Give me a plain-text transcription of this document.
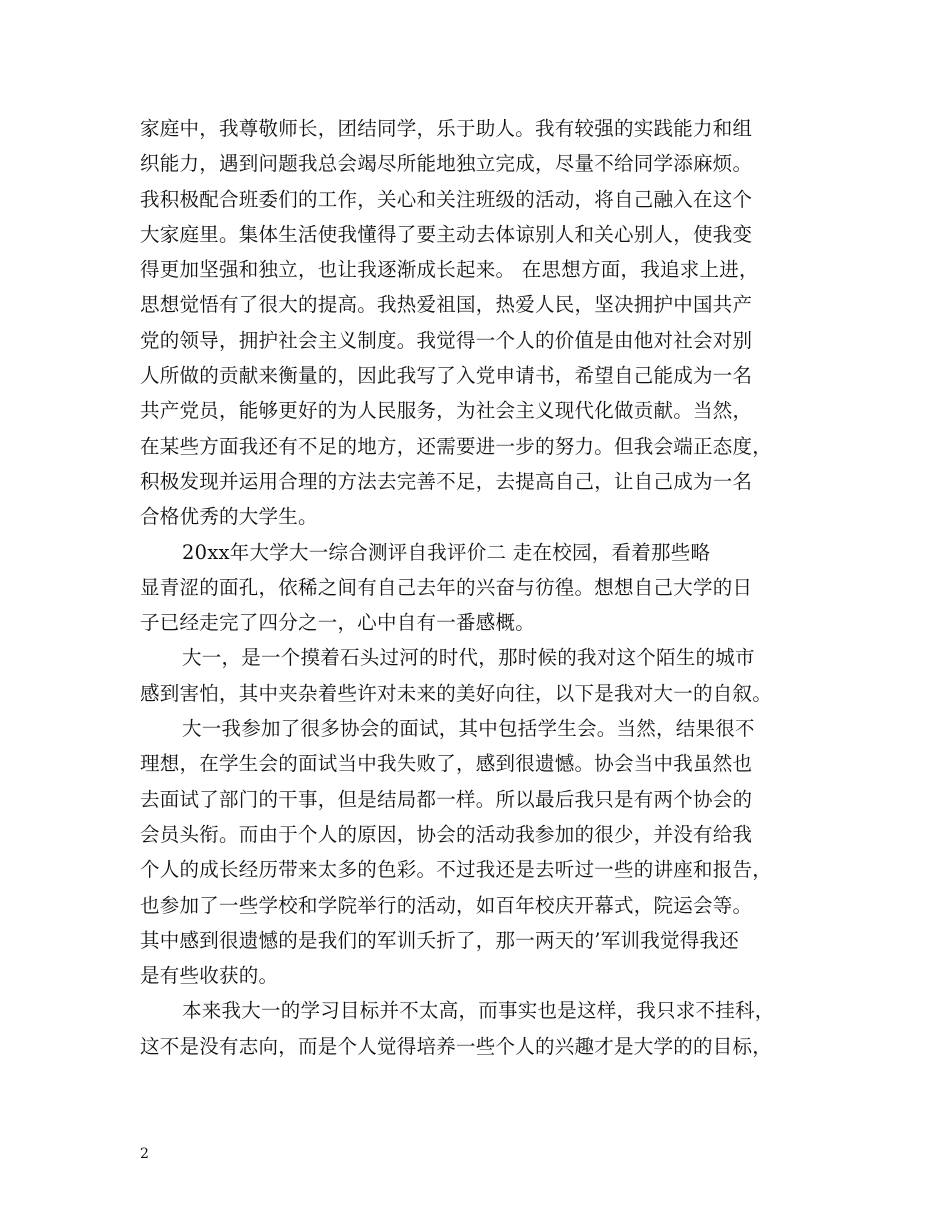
家庭中，我尊敬师长，团结同学，乐于助人。我有较强的实践能力和组
织能力，遇到问题我总会竭尽所能地独立完成，尽量不给同学添麻烦。
我积极配合班委们的工作，关心和关注班级的活动，将自己融入在这个
大家庭里。集体生活使我懂得了要主动去体谅别人和关心别人，使我变
得更加坚强和独立，也让我逐渐成长起来。 在思想方面，我追求上进，
思想觉悟有了很大的提高。我热爱祖国，热爱人民，坚决拥护中国共产
党的领导，拥护社会主义制度。我觉得一个人的价值是由他对社会对别
人所做的贡献来衡量的，因此我写了入党申请书，希望自己能成为一名
共产党员，能够更好的为人民服务，为社会主义现代化做贡献。当然，
在某些方面我还有不足的地方，还需要进一步的努力。但我会端正态度，
积极发现并运用合理的方法去完善不足，去提高自己，让自己成为一名
合格优秀的大学生。
20xx年大学大一综合测评自我评价二 走在校园，看着那些略
显青涩的面孔，依稀之间有自己去年的兴奋与彷徨。想想自己大学的日
子已经走完了四分之一，心中自有一番感概。
大一，是一个摸着石头过河的时代，那时候的我对这个陌生的城市
感到害怕，其中夹杂着些许对未来的美好向往，以下是我对大一的自叙。
大一我参加了很多协会的面试，其中包括学生会。当然，结果很不
理想，在学生会的面试当中我失败了，感到很遗憾。协会当中我虽然也
去面试了部门的干事，但是结局都一样。所以最后我只是有两个协会的
会员头衔。而由于个人的原因，协会的活动我参加的很少，并没有给我
个人的成长经历带来太多的色彩。不过我还是去听过一些的讲座和报告，
也参加了一些学校和学院举行的活动，如百年校庆开幕式，院运会等。
其中感到很遗憾的是我们的军训夭折了，那一两天的’军训我觉得我还
是有些收获的。
本来我大一的学习目标并不太高，而事实也是这样，我只求不挂科，
这不是没有志向，而是个人觉得培养一些个人的兴趣才是大学的的目标，
2
